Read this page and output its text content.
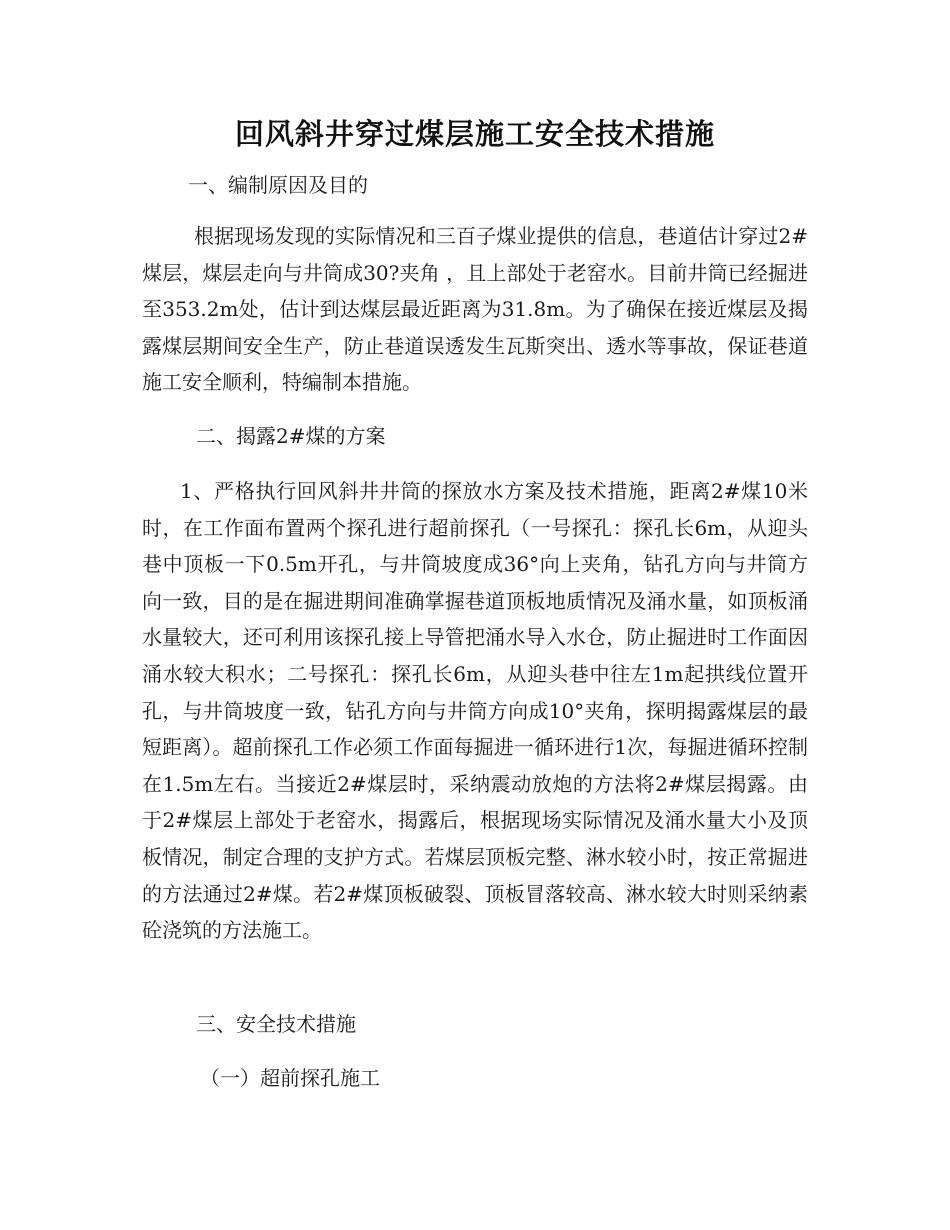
回风斜井穿过煤层施工安全技术措施
一、编制原因及目的
根据现场发现的实际情况和三百子煤业提供的信息，巷道估计穿过2#煤层，煤层走向与井筒成30?夹角 ，且上部处于老窑水。目前井筒已经掘进至353.2m处，估计到达煤层最近距离为31.8m。为了确保在接近煤层及揭露煤层期间安全生产，防止巷道误透发生瓦斯突出、透水等事故，保证巷道施工安全顺利，特编制本措施。
二、揭露2#煤的方案
1、严格执行回风斜井井筒的探放水方案及技术措施，距离2#煤10米时，在工作面布置两个探孔进行超前探孔（一号探孔：探孔长6m，从迎头巷中顶板一下0.5m开孔，与井筒坡度成36°向上夹角，钻孔方向与井筒方向一致，目的是在掘进期间准确掌握巷道顶板地质情况及涌水量，如顶板涌水量较大，还可利用该探孔接上导管把涌水导入水仓，防止掘进时工作面因涌水较大积水；二号探孔：探孔长6m，从迎头巷中往左1m起拱线位置开孔，与井筒坡度一致，钻孔方向与井筒方向成10°夹角，探明揭露煤层的最短距离）。超前探孔工作必须工作面每掘进一循环进行1次，每掘进循环控制在1.5m左右。当接近2#煤层时，采纳震动放炮的方法将2#煤层揭露。由于2#煤层上部处于老窑水，揭露后，根据现场实际情况及涌水量大小及顶板情况，制定合理的支护方式。若煤层顶板完整、淋水较小时，按正常掘进的方法通过2#煤。若2#煤顶板破裂、顶板冒落较高、淋水较大时则采纳素砼浇筑的方法施工。
三、安全技术措施
（一）超前探孔施工
